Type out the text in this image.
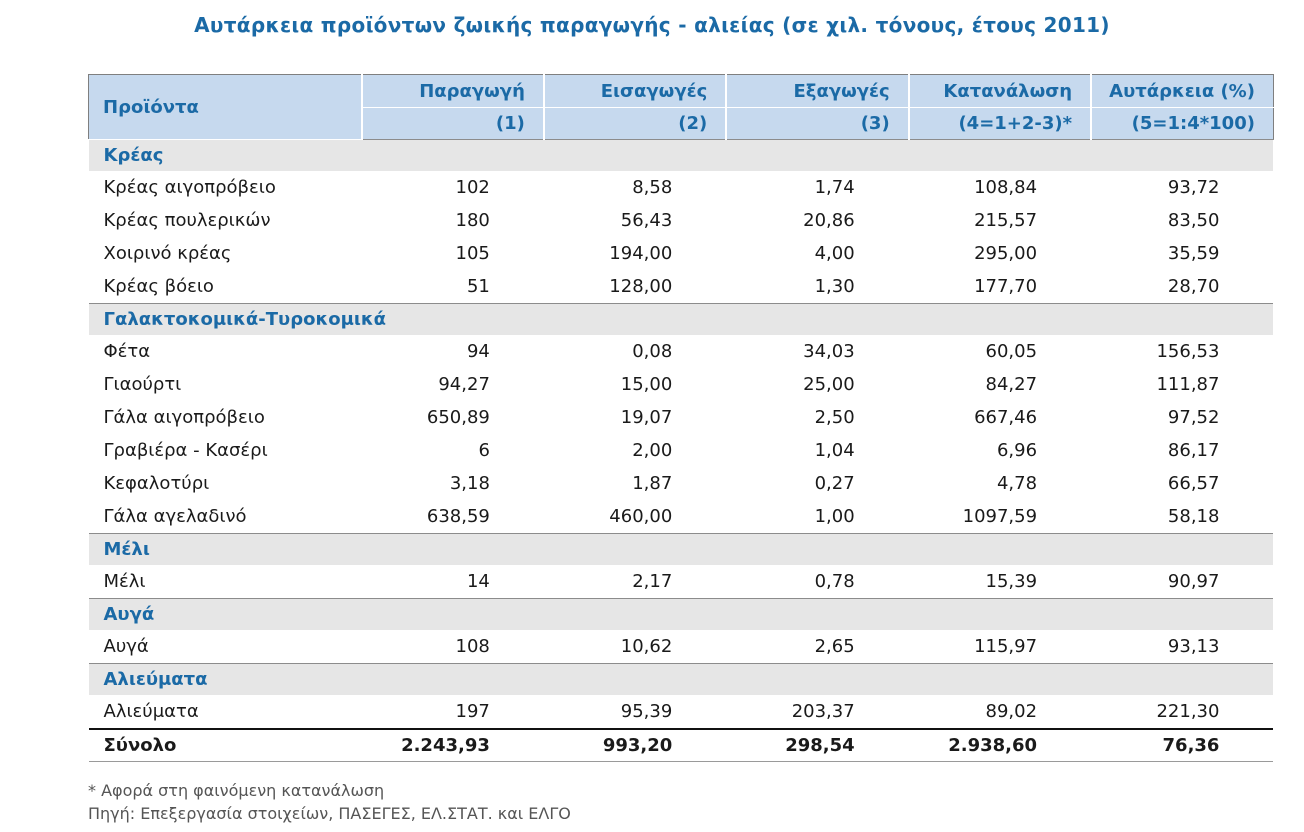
Αυτάρκεια προϊόντων ζωικής παραγωγής - αλιείας (σε χιλ. τόνους, έτους 2011)
Προϊόντα	Παραγωγή	Εισαγωγές	Εξαγωγές	Κατανάλωση	Αυτάρκεια (%)
	(1)	(2)	(3)	(4=1+2-3)*	(5=1:4*100)
Κρέας					
Κρέας αιγοπρόβειο	102	8,58	1,74	108,84	93,72
Κρέας πουλερικών	180	56,43	20,86	215,57	83,50
Χοιρινό κρέας	105	194,00	4,00	295,00	35,59
Κρέας βόειο	51	128,00	1,30	177,70	28,70
Γαλακτοκομικά-Τυροκομικά					
Φέτα	94	0,08	34,03	60,05	156,53
Γιαούρτι	94,27	15,00	25,00	84,27	111,87
Γάλα αιγοπρόβειο	650,89	19,07	2,50	667,46	97,52
Γραβιέρα - Κασέρι	6	2,00	1,04	6,96	86,17
Κεφαλοτύρι	3,18	1,87	0,27	4,78	66,57
Γάλα αγελαδινό	638,59	460,00	1,00	1097,59	58,18
Μέλι					
Μέλι	14	2,17	0,78	15,39	90,97
Αυγά					
Αυγά	108	10,62	2,65	115,97	93,13
Αλιεύματα					
Αλιεύματα	197	95,39	203,37	89,02	221,30
Σύνολο	2.243,93	993,20	298,54	2.938,60	76,36
* Αφορά στη φαινόμενη κατανάλωση
Πηγή: Επεξεργασία στοιχείων, ΠΑΣΕΓΕΣ, ΕΛ.ΣΤΑΤ. και ΕΛΓΟ
